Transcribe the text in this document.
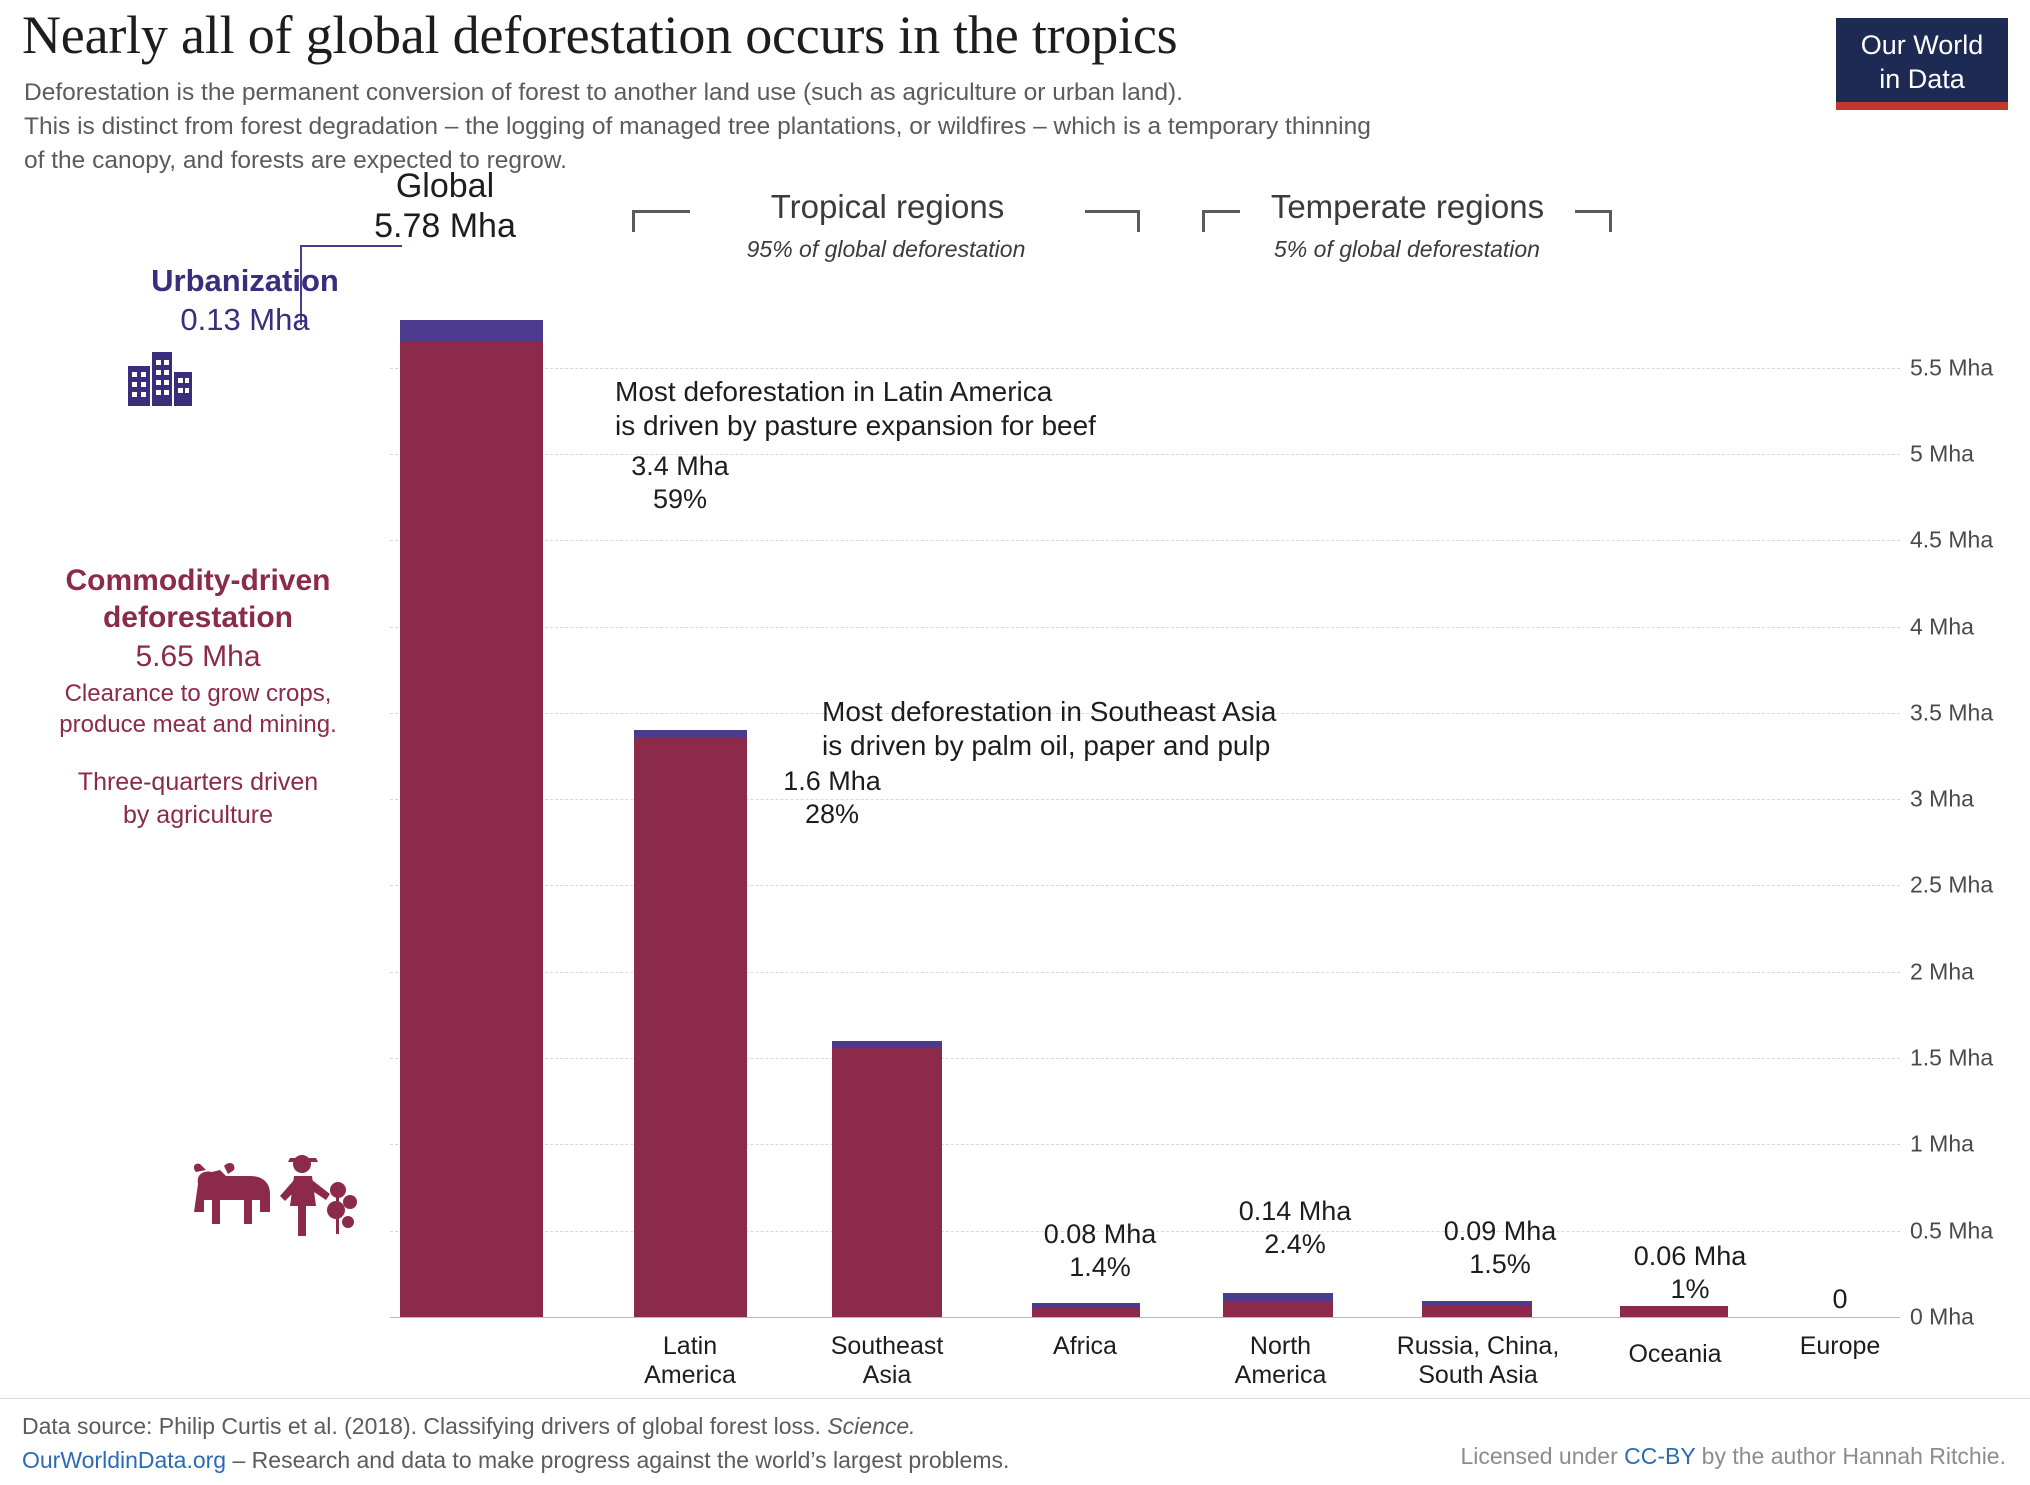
Nearly all of global deforestation occurs in the tropics
Deforestation is the permanent conversion of forest to another land use (such as agriculture or urban land).
This is distinct from forest degradation – the logging of managed tree plantations, or wildfires – which is a temporary thinning
of the canopy, and forests are expected to regrow.
Our World
in Data
0 Mha
0.5 Mha
1 Mha
1.5 Mha
2 Mha
2.5 Mha
3 Mha
3.5 Mha
4 Mha
4.5 Mha
5 Mha
5.5 Mha
Tropical regions
95% of global deforestation
Temperate regions
5% of global deforestation
Global
5.78 Mha
Most deforestation in Latin America
is driven by pasture expansion for beef
3.4 Mha
59%
Latin
America
Most deforestation in Southeast Asia
is driven by palm oil, paper and pulp
1.6 Mha
28%
Southeast
Asia
0.08 Mha
1.4%
Africa
0.14 Mha
2.4%
North
America
0.09 Mha
1.5%
Russia, China,
South Asia
0.06 Mha
1%
Oceania
0
Europe
Urbanization
0.13 Mha
Commodity-driven
deforestation
5.65 Mha
Clearance to grow crops,
produce meat and mining.
Three-quarters driven
by agriculture
Data source: Philip Curtis et al. (2018). Classifying drivers of global forest loss. Science.
OurWorldinData.org – Research and data to make progress against the world’s largest problems.	Licensed under CC-BY by the author Hannah Ritchie.
